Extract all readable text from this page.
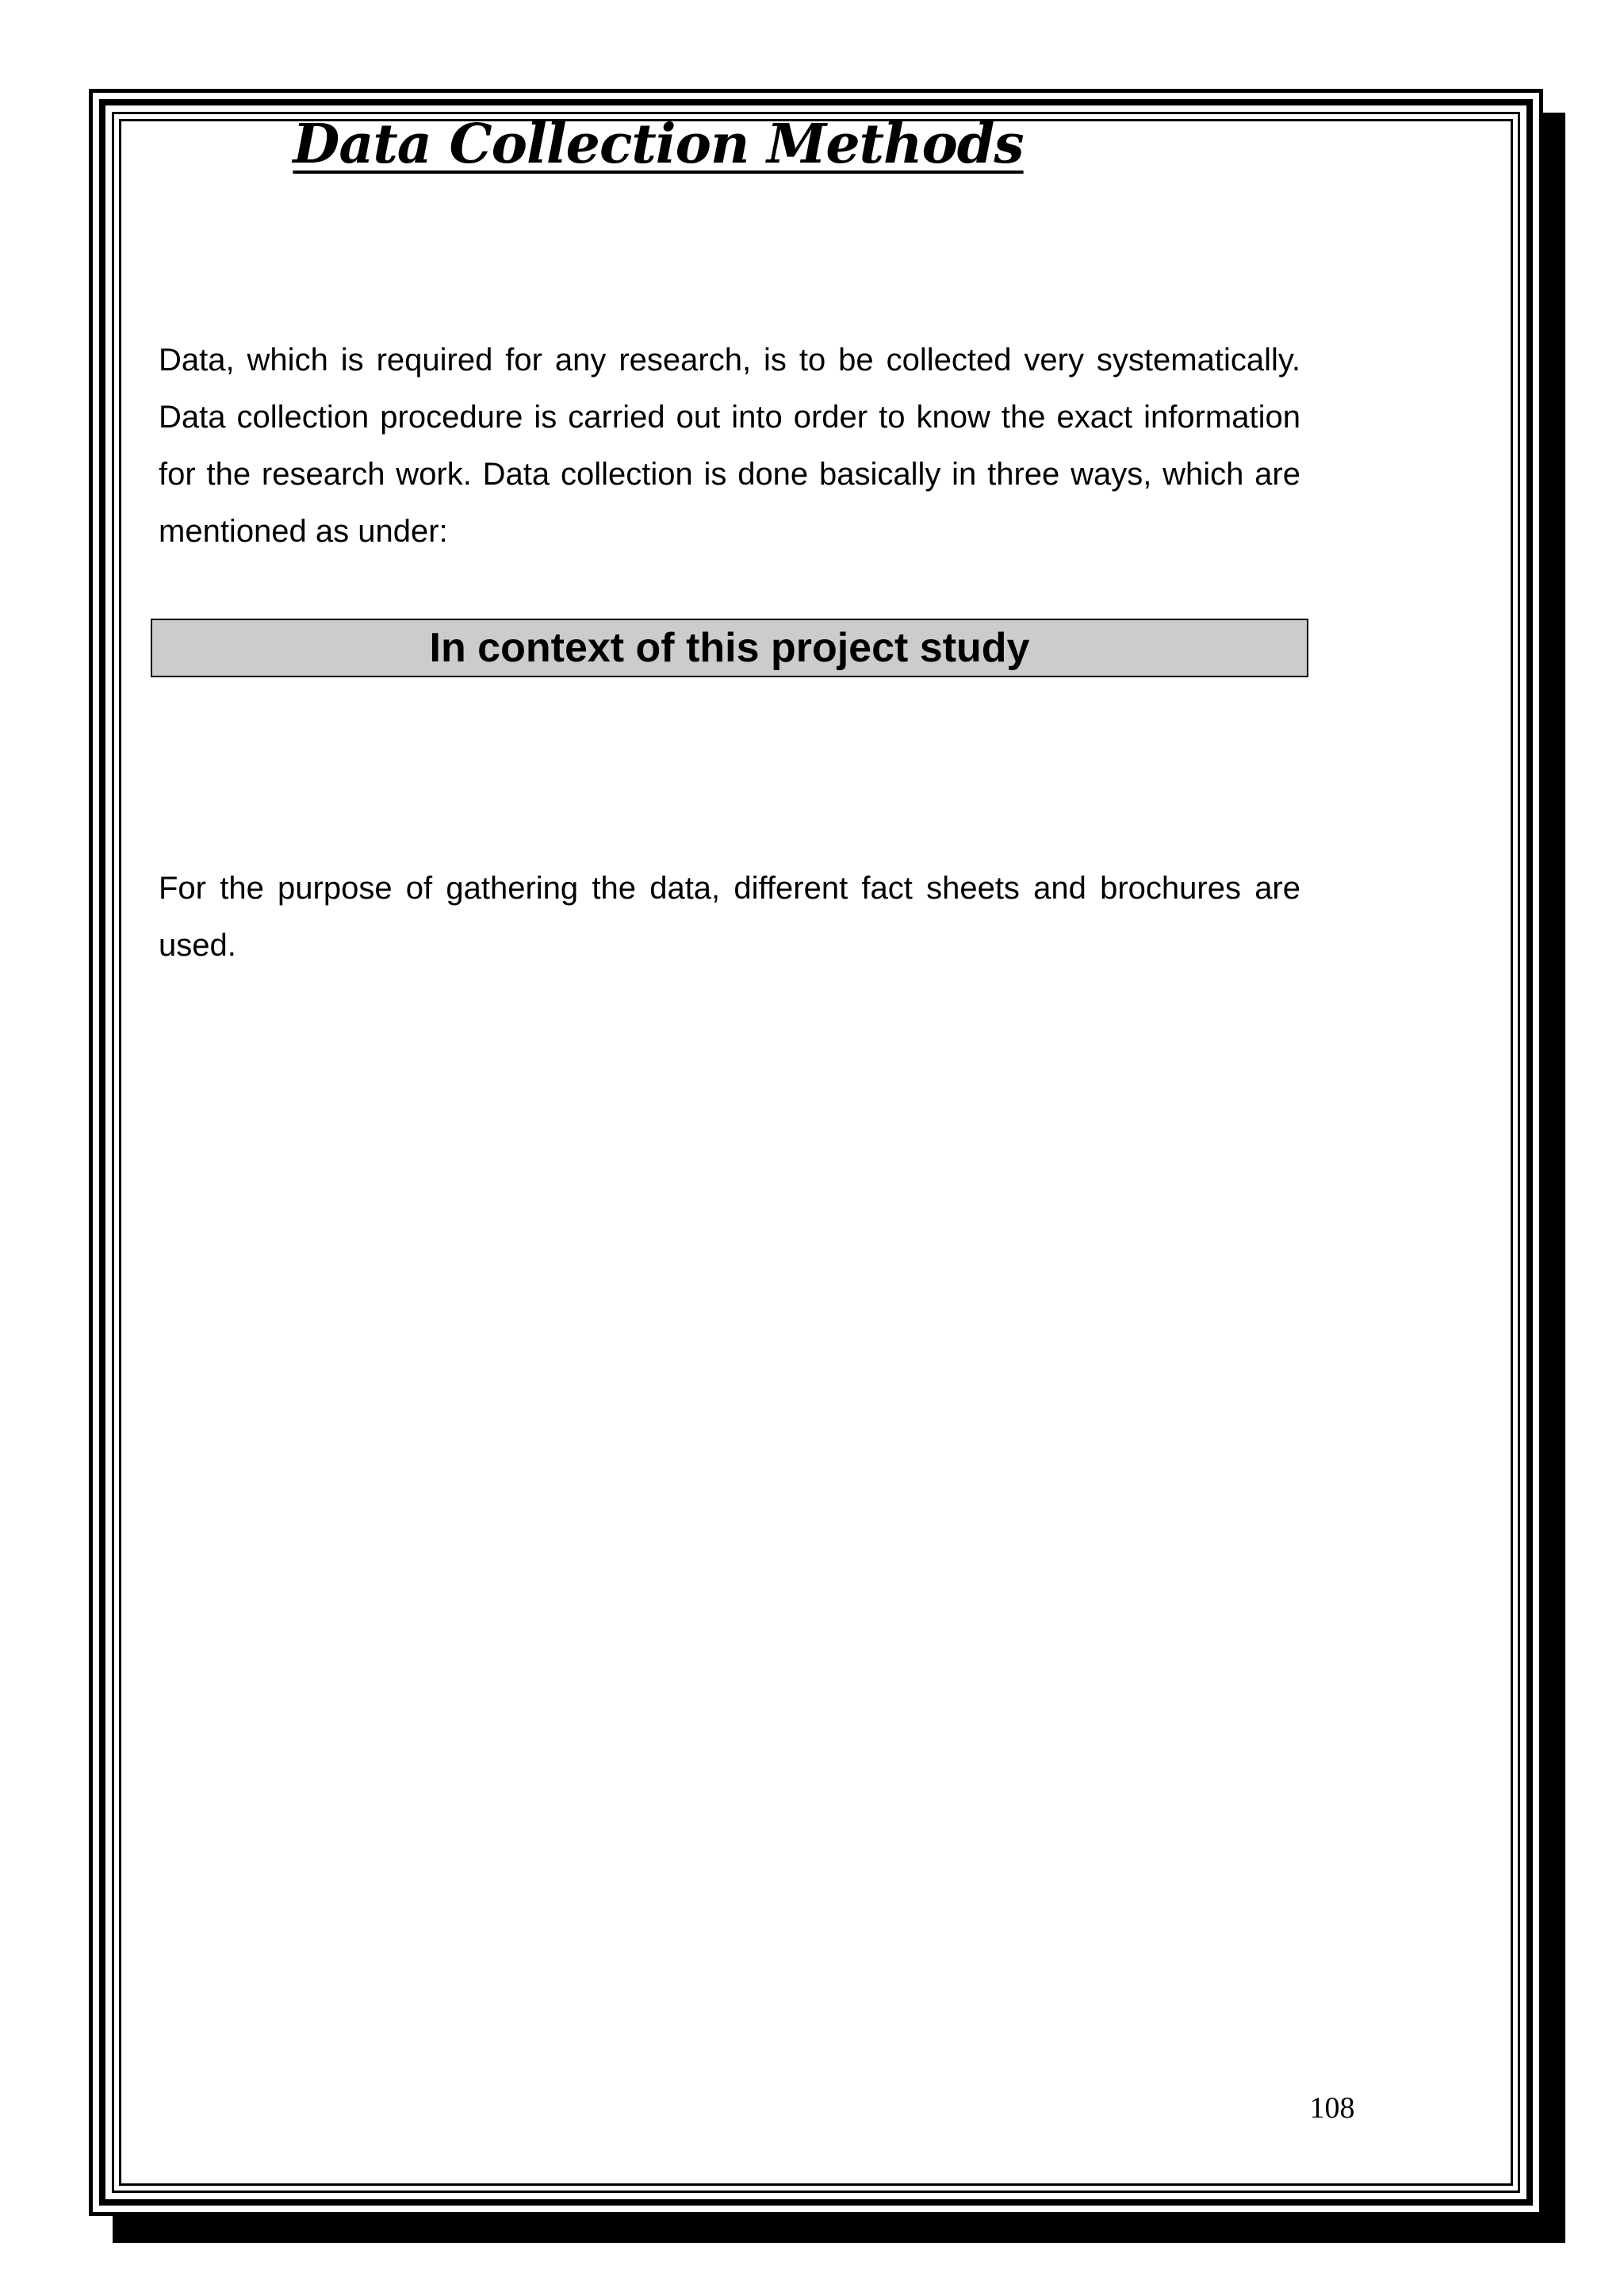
Data Collection Methods

Data, which is required for any research, is to be collected very systematically. Data collection procedure is carried out into order to know the exact information for the research work. Data collection is done basically in three ways, which are mentioned as under:

In context of this project study

For the purpose of gathering the data, different fact sheets and brochures are used.

108
